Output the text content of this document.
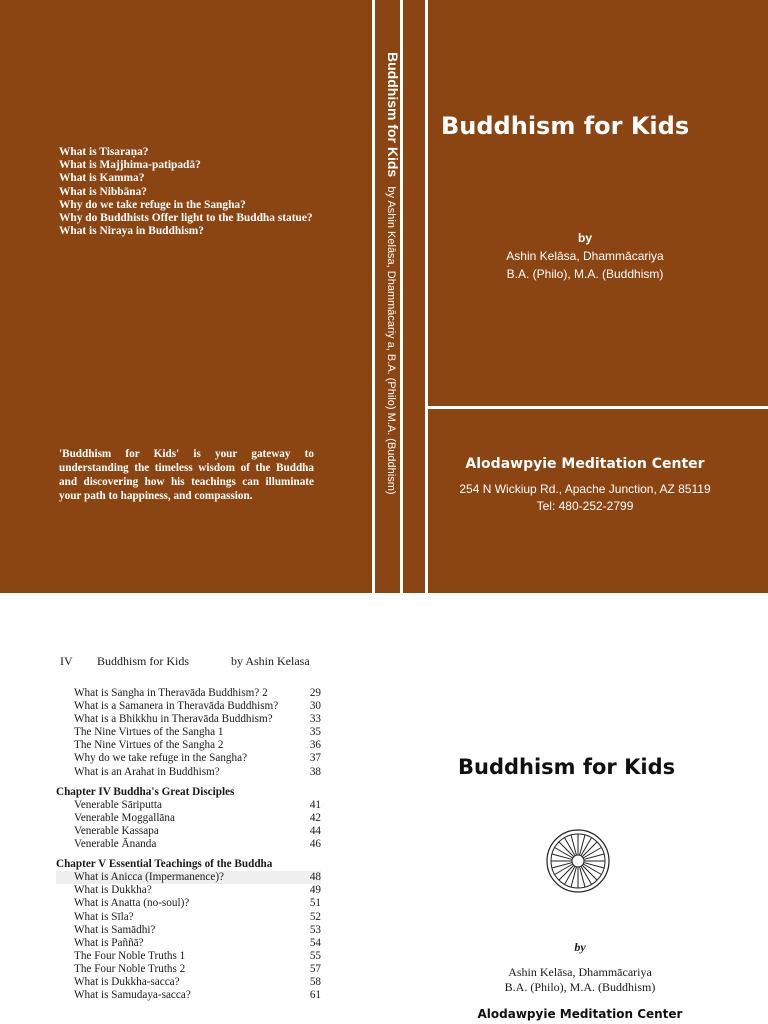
What is Tisaraṇa?
What is Majjhima-patipadā?
What is Kamma?
What is Nibbāna?
Why do we take refuge in the Sangha?
Why do Buddhists Offer light to the Buddha statue?
What is Niraya in Buddhism?
'Buddhism for Kids' is your gateway to understanding the timeless wisdom of the Buddha and discovering how his teachings can illuminate your path to happiness, and compassion.
Buddhism for Kids   by Ashin Kelāsa, Dhammācariy a, B.A. (Philo) M.A. (Buddhism)
Buddhism for Kids
by
Ashin Kelāsa, Dhammācariya
B.A. (Philo), M.A. (Buddhism)
Alodawpyie Meditation Center
254 N Wickiup Rd., Apache Junction, AZ 85119
Tel: 480-252-2799
IV Buddhism for Kids	by Ashin Kelasa
What is Sangha in Theravāda Buddhism? 2	29
What is a Samanera in Theravāda Buddhism?	30
What is a Bhikkhu in Theravāda Buddhism?	33
The Nine Virtues of the Sangha 1	35
The Nine Virtues of the Sangha 2	36
Why do we take refuge in the Sangha?	37
What is an Arahat in Buddhism?	38
Chapter IV Buddha's Great Disciples
Venerable Sāriputta	41
Venerable Moggallāna	42
Venerable Kassapa	44
Venerable Ānanda	46
Chapter V Essential Teachings of the Buddha
What is Anicca (Impermanence)?	48
What is Dukkha?	49
What is Anatta (no-soul)?	51
What is Sīla?	52
What is Samādhi?	53
What is Paññā?	54
The Four Noble Truths 1	55
The Four Noble Truths 2	57
What is Dukkha-sacca?	58
What is Samudaya-sacca?	61
Buddhism for Kids
by
Ashin Kelāsa, Dhammācariya
B.A. (Philo), M.A. (Buddhism)
Alodawpyie Meditation Center
